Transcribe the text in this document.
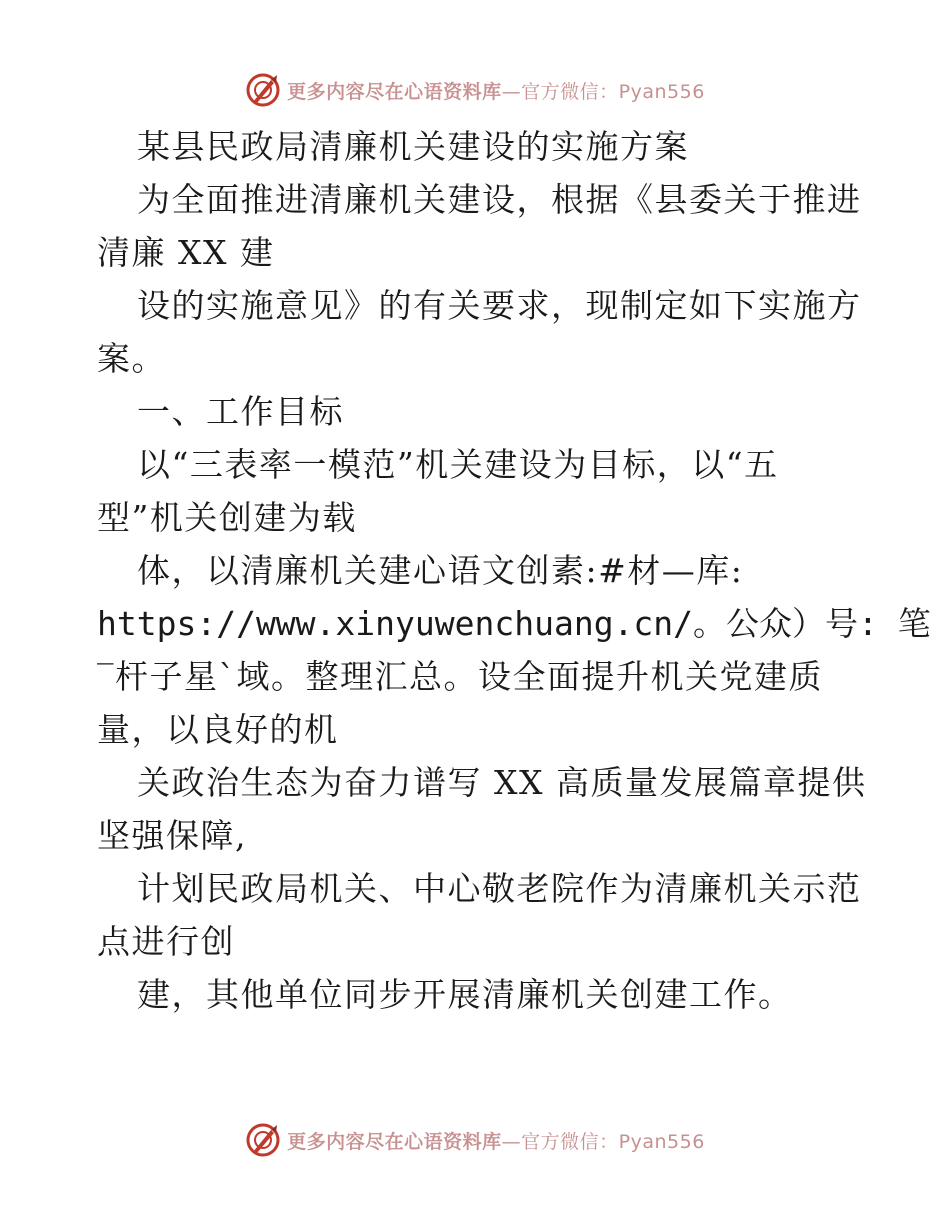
更多内容尽在心语资料库—官方微信：Pyan556
某县民政局清廉机关建设的实施方案
为全面推进清廉机关建设，根据《县委关于推进
清廉 XX 建
设的实施意见》的有关要求，现制定如下实施方
案。
一、工作目标
以“三表率一模范”机关建设为目标，以“五
型”机关创建为载
体，以清廉机关建心语文创素:#材—库:
https://www.xinyuwenchuang.cn/。公众）号: 笔
‾杆子星`域。整理汇总。设全面提升机关党建质
量，以良好的机
关政治生态为奋力谱写 XX 高质量发展篇章提供
坚强保障,
计划民政局机关、中心敬老院作为清廉机关示范
点进行创
建，其他单位同步开展清廉机关创建工作。
更多内容尽在心语资料库—官方微信：Pyan556
